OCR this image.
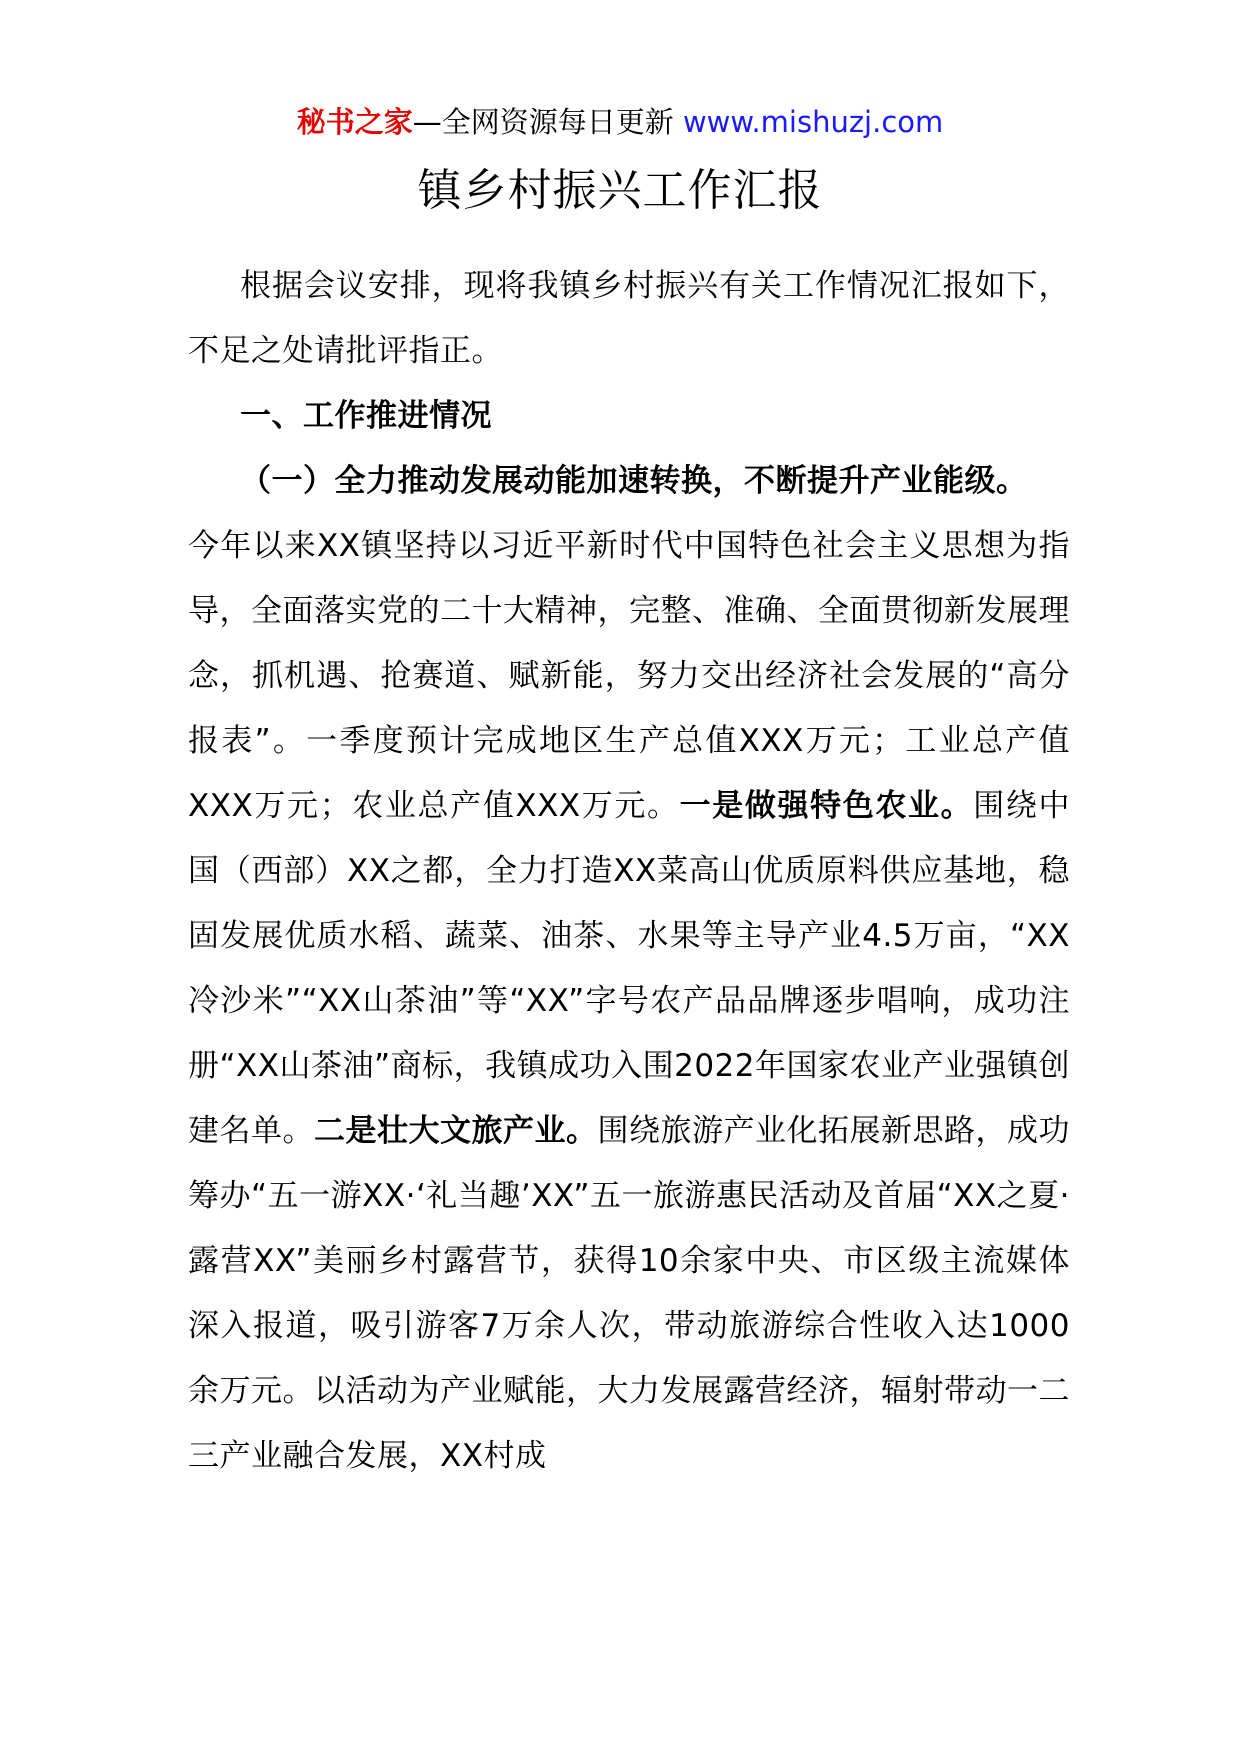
秘书之家—全网资源每日更新 www.mishuzj.com
镇乡村振兴工作汇报

根据会议安排，现将我镇乡村振兴有关工作情况汇报如下，不足之处请批评指正。

一、工作推进情况

（一）全力推动发展动能加速转换，不断提升产业能级。

今年以来XX镇坚持以习近平新时代中国特色社会主义思想为指导，全面落实党的二十大精神，完整、准确、全面贯彻新发展理念，抓机遇、抢赛道、赋新能，努力交出经济社会发展的“高分报表”。一季度预计完成地区生产总值XXX万元；工业总产值XXX万元；农业总产值XXX万元。一是做强特色农业。围绕中国（西部）XX之都，全力打造XX菜高山优质原料供应基地，稳固发展优质水稻、蔬菜、油茶、水果等主导产业4.5万亩，“XX冷沙米”“XX山茶油”等“XX”字号农产品品牌逐步唱响，成功注册“XX山茶油”商标，我镇成功入围2022年国家农业产业强镇创建名单。二是壮大文旅产业。围绕旅游产业化拓展新思路，成功筹办“五一游XX·‘礼当趣’XX”五一旅游惠民活动及首届“XX之夏·露营XX”美丽乡村露营节，获得10余家中央、市区级主流媒体深入报道，吸引游客7万余人次，带动旅游综合性收入达1000余万元。以活动为产业赋能，大力发展露营经济，辐射带动一二三产业融合发展，XX村成
